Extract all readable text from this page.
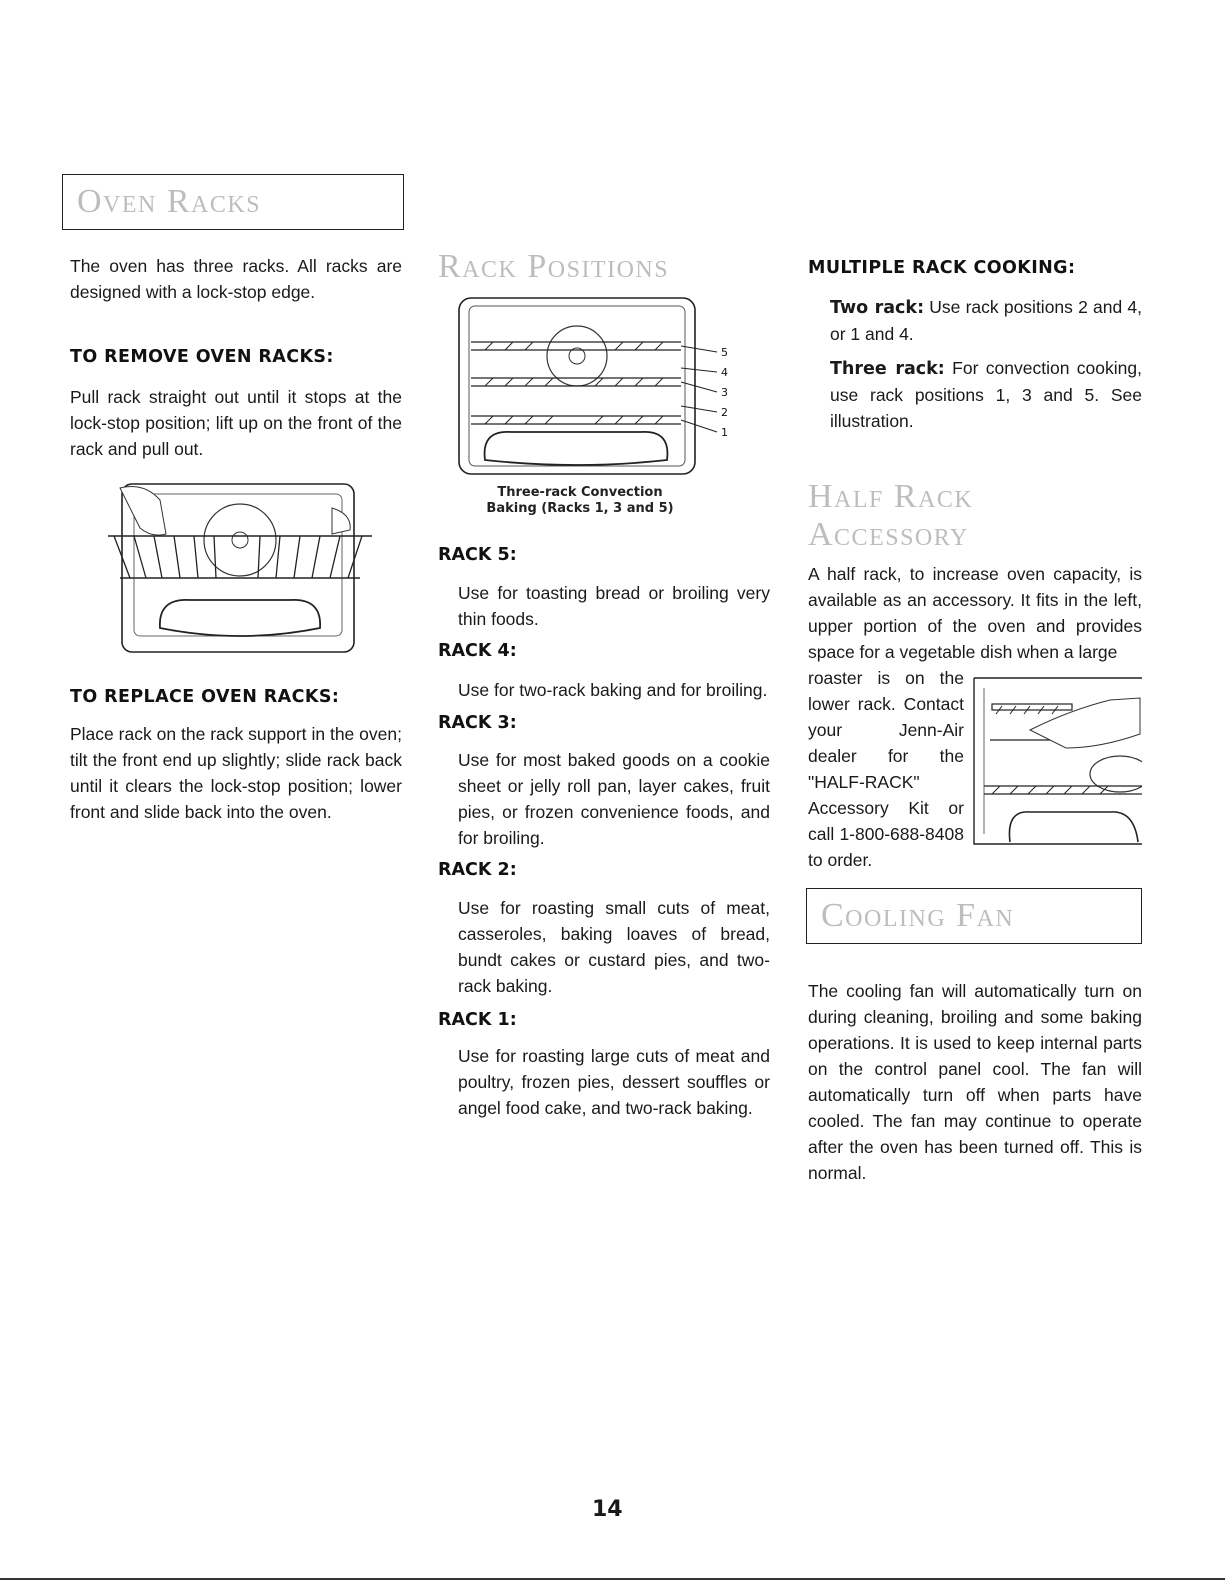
Oven Racks
The oven has three racks. All racks are designed with a lock-stop edge.
TO REMOVE OVEN RACKS:
Pull rack straight out until it stops at the lock-stop position; lift up on the front of the rack and pull out.
TO REPLACE OVEN RACKS:
Place rack on the rack support in the oven; tilt the front end up slightly; slide rack back until it clears the lock-stop position; lower front and slide back into the oven.
Rack Positions
5
4
3
2
1
Three-rack Convection
Baking (Racks 1, 3 and 5)
RACK 5:
Use for toasting bread or broiling very thin foods.
RACK 4:
Use for two-rack baking and for broiling.
RACK 3:
Use for most baked goods on a cookie sheet or jelly roll pan, layer cakes, fruit pies, or frozen convenience foods, and for broiling.
RACK 2:
Use for roasting small cuts of meat, casseroles, baking loaves of bread, bundt cakes or custard pies, and two-rack baking.
RACK 1:
Use for roasting large cuts of meat and poultry, frozen pies, dessert souffles or angel food cake, and two-rack baking.
MULTIPLE RACK COOKING:
Two rack: Use rack positions 2 and 4, or 1 and 4.
Three rack: For convection cooking, use rack positions 1, 3 and 5. See illustration.
Half Rack
Accessory
A half rack, to increase oven capacity, is available as an accessory. It fits in the left, upper portion of the oven and provides space for a vegetable dish when a large
roaster is on the lower rack. Contact your Jenn-Air dealer for the "HALF-RACK" Accessory Kit or call 1-800-688-8408 to order.
Cooling Fan
The cooling fan will automatically turn on during cleaning, broiling and some baking operations. It is used to keep internal parts on the control panel cool. The fan will automatically turn off when parts have cooled. The fan may continue to operate after the oven has been turned off. This is normal.
14
